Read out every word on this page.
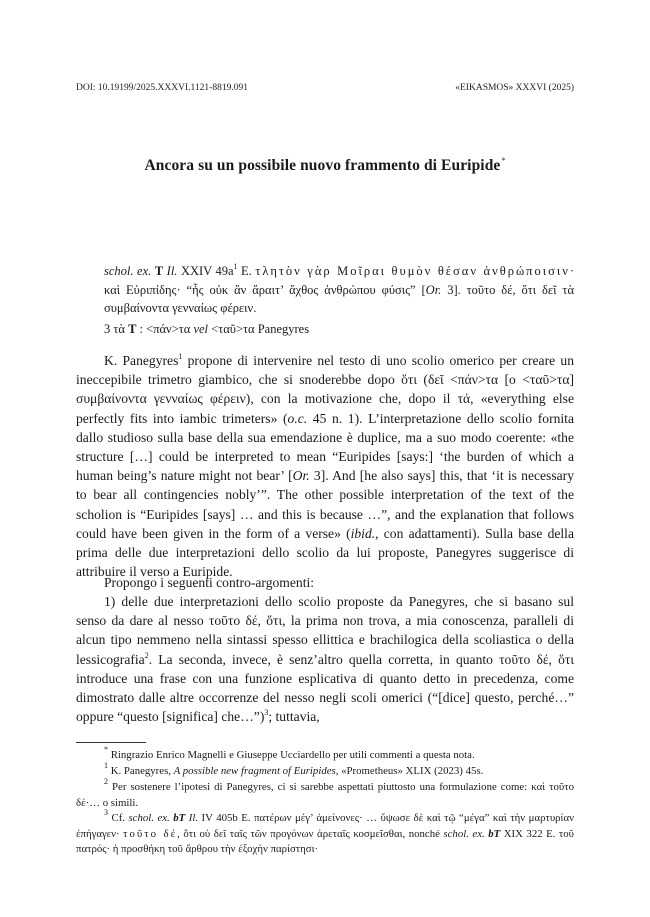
DOI: 10.19199/2025.XXXVI.1121-8819.091	«EIKASMOS» XXXVI (2025)
Ancora su un possibile nuovo frammento di Euripide*
schol. ex. T Il. XXIV $49a^1$ E. τλητὸν γὰρ Μοῖραι θυμὸν θέσαν ἀνθρώποισιν· καὶ Εὐριπίδης· “ἧς οὐκ ἂν ἄραιτ’ ἄχθος ἀνθρώπου φύσις” [Or. 3]. τοῦτο δέ, ὅτι δεῖ τὰ συμβαίνοντα γενναίως φέρειν.
3 τὰ T : <πάν>τα vel <ταῦ>τα Panegyres
K. Panegyres$^1$ propone di intervenire nel testo di uno scolio omerico per creare un ineccepibile trimetro giambico, che si snoderebbe dopo ὅτι (δεῖ <πάν>τα [o <ταῦ>τα] συμβαίνοντα γενναίως φέρειν), con la motivazione che, dopo il τά, «everything else perfectly fits into iambic trimeters» (o.c. 45 n. 1). L’interpretazione dello scolio fornita dallo studioso sulla base della sua emendazione è duplice, ma a suo modo coerente: «the structure […] could be interpreted to mean “Euripides [says:] ‘the burden of which a human being’s nature might not bear’ [Or. 3]. And [he also says] this, that ‘it is necessary to bear all contingencies nobly’”. The other possible interpretation of the text of the scholion is “Euripides [says] … and this is because …”, and the explanation that follows could have been given in the form of a verse» (ibid., con adattamenti). Sulla base della prima delle due interpretazioni dello scolio da lui proposte, Panegyres suggerisce di attribuire il verso a Euripide.
Propongo i seguenti contro-argomenti:
1) delle due interpretazioni dello scolio proposte da Panegyres, che si basano sul senso da dare al nesso τοῦτο δέ, ὅτι, la prima non trova, a mia conoscenza, paralleli di alcun tipo nemmeno nella sintassi spesso ellittica e brachilogica della scoliastica o della lessicografia$^2$. La seconda, invece, è senz’altro quella corretta, in quanto τοῦτο δέ, ὅτι introduce una frase con una funzione esplicativa di quanto detto in precedenza, come dimostrato dalle altre occorrenze del nesso negli scoli omerici (“[dice] questo, perché…” oppure “questo [significa] che…”)$^3$; tuttavia,
* Ringrazio Enrico Magnelli e Giuseppe Ucciardello per utili commenti a questa nota.
$^1$ K. Panegyres, A possible new fragment of Euripides, «Prometheus» XLIX (2023) 45s.
$^2$ Per sostenere l’ipotesi di Panegyres, ci si sarebbe aspettati piuttosto una formulazione come: καὶ τοῦτο δέ·… o simili.
$^3$ Cf. schol. ex. bT Il. IV 405b E. πατέρων μέγ’ ἀμείνονες· … ὕψωσε δὲ καὶ τῷ “μέγα” καὶ τὴν μαρτυρίαν ἐπήγαγεν· τοῦτο δέ, ὅτι οὐ δεῖ ταῖς τῶν προγόνων ἀρεταῖς κοσμεῖσθαι, nonché schol. ex. bT XIX 322 E. τοῦ πατρός· ἡ προσθήκη τοῦ ἄρθρου τὴν ἐξοχὴν παρίστησι·
